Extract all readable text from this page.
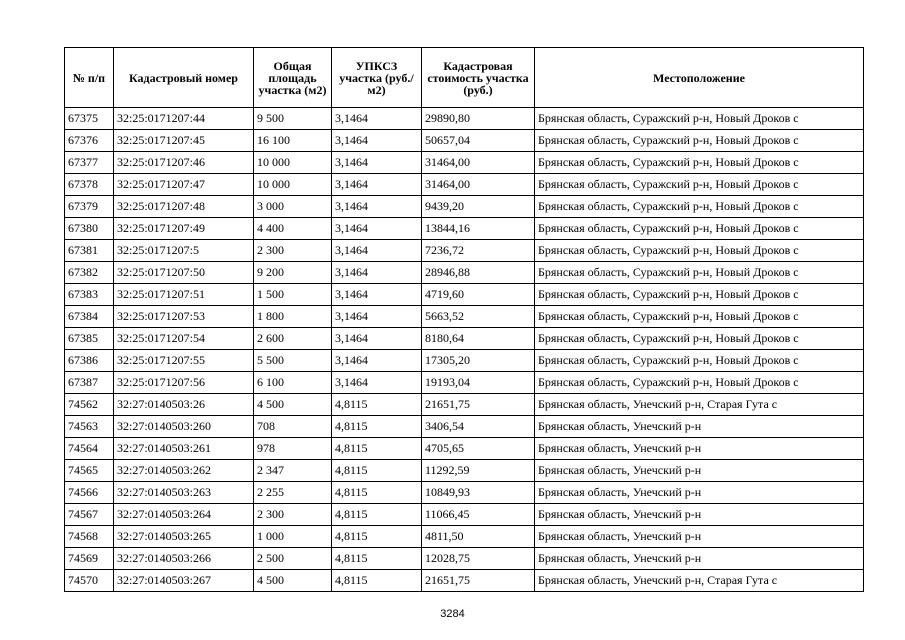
№ п/п	Кадастровый номер	Общая площадь участка (м2)	УПКСЗ участка (руб./м2)	Кадастровая стоимость участка (руб.)	Местоположение
67375	32:25:0171207:44	9 500	3,1464	29890,80	Брянская область, Суражский р-н, Новый Дроков с
67376	32:25:0171207:45	16 100	3,1464	50657,04	Брянская область, Суражский р-н, Новый Дроков с
67377	32:25:0171207:46	10 000	3,1464	31464,00	Брянская область, Суражский р-н, Новый Дроков с
67378	32:25:0171207:47	10 000	3,1464	31464,00	Брянская область, Суражский р-н, Новый Дроков с
67379	32:25:0171207:48	3 000	3,1464	9439,20	Брянская область, Суражский р-н, Новый Дроков с
67380	32:25:0171207:49	4 400	3,1464	13844,16	Брянская область, Суражский р-н, Новый Дроков с
67381	32:25:0171207:5	2 300	3,1464	7236,72	Брянская область, Суражский р-н, Новый Дроков с
67382	32:25:0171207:50	9 200	3,1464	28946,88	Брянская область, Суражский р-н, Новый Дроков с
67383	32:25:0171207:51	1 500	3,1464	4719,60	Брянская область, Суражский р-н, Новый Дроков с
67384	32:25:0171207:53	1 800	3,1464	5663,52	Брянская область, Суражский р-н, Новый Дроков с
67385	32:25:0171207:54	2 600	3,1464	8180,64	Брянская область, Суражский р-н, Новый Дроков с
67386	32:25:0171207:55	5 500	3,1464	17305,20	Брянская область, Суражский р-н, Новый Дроков с
67387	32:25:0171207:56	6 100	3,1464	19193,04	Брянская область, Суражский р-н, Новый Дроков с
74562	32:27:0140503:26	4 500	4,8115	21651,75	Брянская область, Унечский р-н, Старая Гута с
74563	32:27:0140503:260	708	4,8115	3406,54	Брянская область, Унечский р-н
74564	32:27:0140503:261	978	4,8115	4705,65	Брянская область, Унечский р-н
74565	32:27:0140503:262	2 347	4,8115	11292,59	Брянская область, Унечский р-н
74566	32:27:0140503:263	2 255	4,8115	10849,93	Брянская область, Унечский р-н
74567	32:27:0140503:264	2 300	4,8115	11066,45	Брянская область, Унечский р-н
74568	32:27:0140503:265	1 000	4,8115	4811,50	Брянская область, Унечский р-н
74569	32:27:0140503:266	2 500	4,8115	12028,75	Брянская область, Унечский р-н
74570	32:27:0140503:267	4 500	4,8115	21651,75	Брянская область, Унечский р-н, Старая Гута с
3284
